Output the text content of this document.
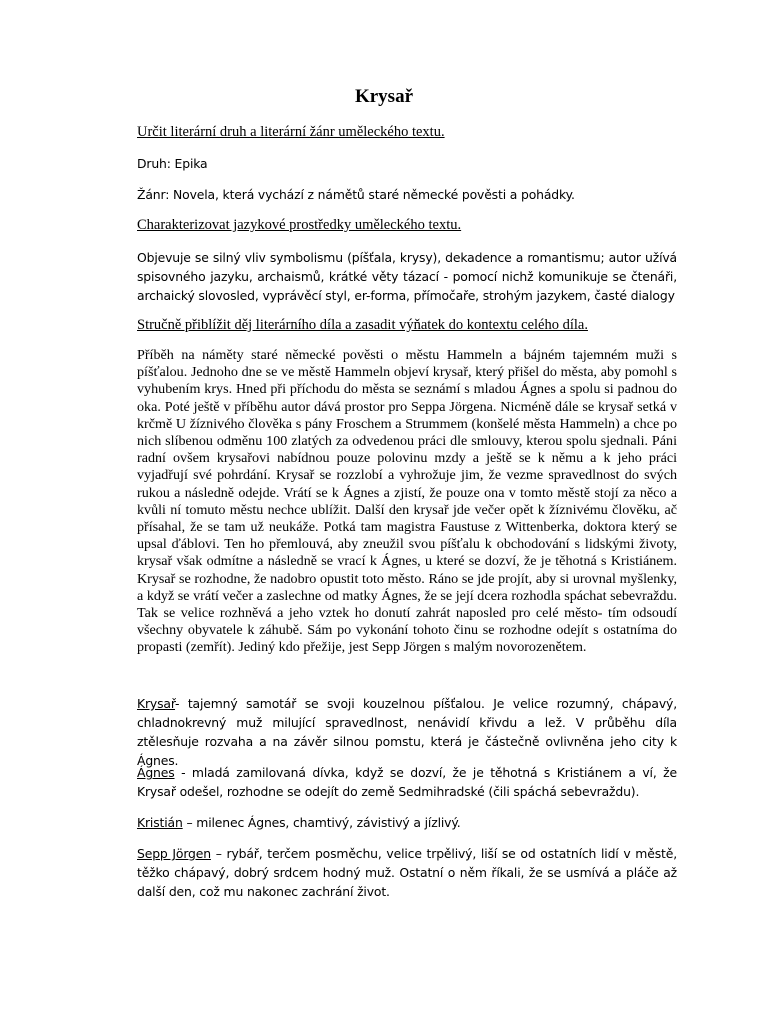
Krysař

Určit literární druh a literární žánr uměleckého textu.

Druh: Epika

Žánr: Novela, která vychází z námětů staré německé pověsti a pohádky.

Charakterizovat jazykové prostředky uměleckého textu.

Objevuje se silný vliv symbolismu (píšťala, krysy), dekadence a romantismu; autor užívá spisovného jazyku, archaismů, krátké věty tázací - pomocí nichž komunikuje se čtenáři, archaický slovosled, vyprávěcí styl, er-forma, přímočaře, strohým jazykem, časté dialogy

Stručně přiblížit děj literárního díla a zasadit výňatek do kontextu celého díla.

Příběh na náměty staré německé pověsti o městu Hammeln a bájném tajemném muži s píšťalou. Jednoho dne se ve městě Hammeln objeví krysař, který přišel do města, aby pomohl s vyhubením krys. Hned při příchodu do města se seznámí s mladou Ágnes a spolu si padnou do oka. Poté ještě v příběhu autor dává prostor pro Seppa Jörgena. Nicméně dále se krysař setká v krčmě U žíznivého člověka s pány Froschem a Strummem (konšelé města Hammeln) a chce po nich slíbenou odměnu 100 zlatých za odvedenou práci dle smlouvy, kterou spolu sjednali. Páni radní ovšem krysařovi nabídnou pouze polovinu mzdy a ještě se k němu a k jeho práci vyjadřují své pohrdání. Krysař se rozzlobí a vyhrožuje jim, že vezme spravedlnost do svých rukou a následně odejde. Vrátí se k Ágnes a zjistí, že pouze ona v tomto městě stojí za něco a kvůli ní tomuto městu nechce ublížit. Další den krysař jde večer opět k žíznivému člověku, ač přísahal, že se tam už neukáže. Potká tam magistra Faustuse z Wittenberka, doktora který se upsal ďáblovi. Ten ho přemlouvá, aby zneužil svou píšťalu k obchodování s lidskými životy, krysař však odmítne a následně se vrací k Ágnes, u které se dozví, že je těhotná s Kristiánem. Krysař se rozhodne, že nadobro opustit toto město. Ráno se jde projít, aby si urovnal myšlenky, a když se vrátí večer a zaslechne od matky Ágnes, že se její dcera rozhodla spáchat sebevraždu. Tak se velice rozhněvá a jeho vztek ho donutí zahrát naposled pro celé město- tím odsoudí všechny obyvatele k záhubě. Sám po vykonání tohoto činu se rozhodne odejít s ostatníma do propasti (zemřít). Jediný kdo přežije, jest Sepp Jörgen s malým novorozenětem.

Krysař- tajemný samotář se svoji kouzelnou píšťalou. Je velice rozumný, chápavý, chladnokrevný muž milující spravedlnost, nenávidí křivdu a lež. V průběhu díla ztělesňuje rozvaha a na závěr silnou pomstu, která je částečně ovlivněna jeho city k Ágnes.

Ágnes - mladá zamilovaná dívka, když se dozví, že je těhotná s Kristiánem a ví, že Krysař odešel, rozhodne se odejít do země Sedmihradské (čili spáchá sebevraždu).

Kristián – milenec Ágnes, chamtivý, závistivý a jízlivý.

Sepp Jörgen – rybář, terčem posměchu, velice trpělivý, liší se od ostatních lidí v městě, těžko chápavý, dobrý srdcem hodný muž. Ostatní o něm říkali, že se usmívá a pláče až další den, což mu nakonec zachrání život.
